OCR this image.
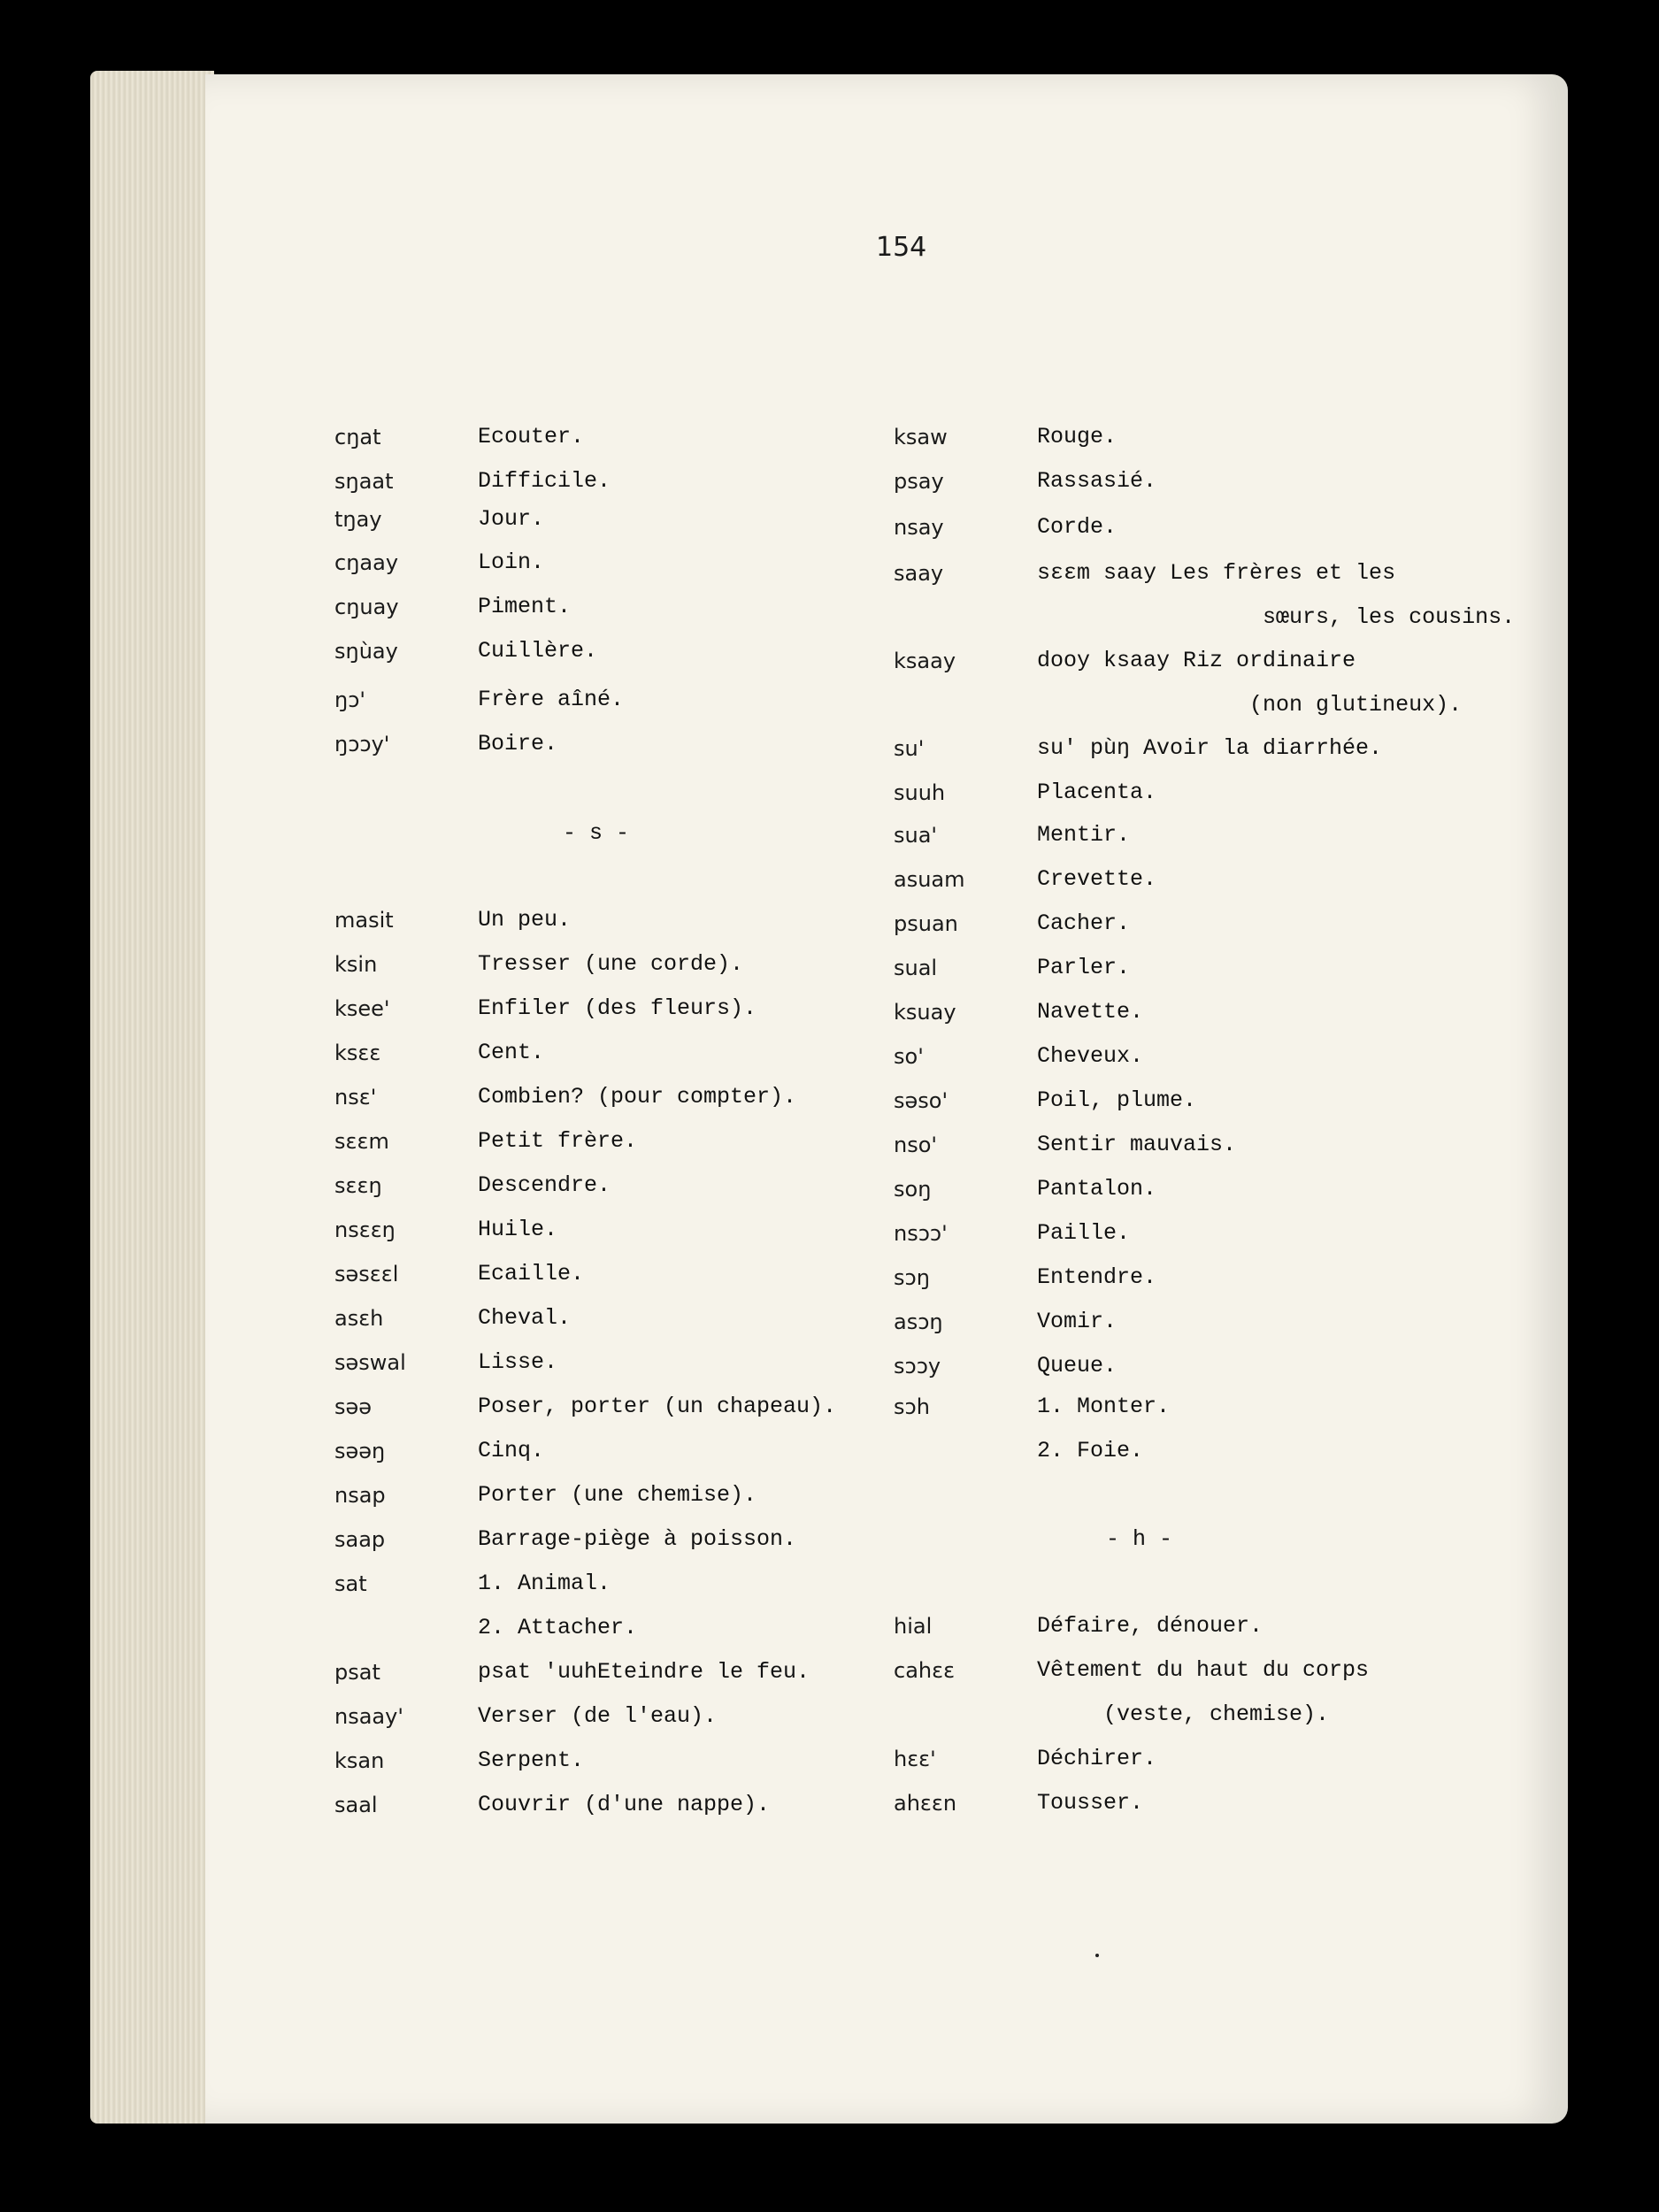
154
cŋat	Ecouter.
sŋaat	Difficile.
tŋay	Jour.
cŋaay	Loin.
cŋuay	Piment.
sŋùay	Cuillère.
ŋɔ'	Frère aîné.
ŋɔɔy'	Boire.
- s -
masit	Un peu.
ksin	Tresser (une corde).
ksee'	Enfiler (des fleurs).
ksɛɛ	Cent.
nsɛ'	Combien? (pour compter).
sɛɛm	Petit frère.
sɛɛŋ	Descendre.
nsɛɛŋ	Huile.
səsɛɛl	Ecaille.
asɛh	Cheval.
səswal	Lisse.
səə	Poser, porter (un chapeau).
səəŋ	Cinq.
nsap	Porter (une chemise).
saap	Barrage-piège à poisson.
sat	1. Animal.
2. Attacher.
psat	psat 'uuhEteindre le feu.
nsaay'	Verser (de l'eau).
ksan	Serpent.
saal	Couvrir (d'une nappe).
ksaw	Rouge.
psay	Rassasié.
nsay	Corde.
saay	sɛɛm saay Les frères et les
sœurs, les cousins.
ksaay	dooy ksaay Riz ordinaire
(non glutineux).
su'	su' pùŋ Avoir la diarrhée.
suuh	Placenta.
sua'	Mentir.
asuam	Crevette.
psuan	Cacher.
sual	Parler.
ksuay	Navette.
so'	Cheveux.
səso'	Poil, plume.
nso'	Sentir mauvais.
soŋ	Pantalon.
nsɔɔ'	Paille.
sɔŋ	Entendre.
asɔŋ	Vomir.
sɔɔy	Queue.
sɔh	1. Monter.
2. Foie.
- h -
hial	Défaire, dénouer.
cahɛɛ	Vêtement du haut du corps
(veste, chemise).
hɛɛ'	Déchirer.
ahɛɛn	Tousser.
